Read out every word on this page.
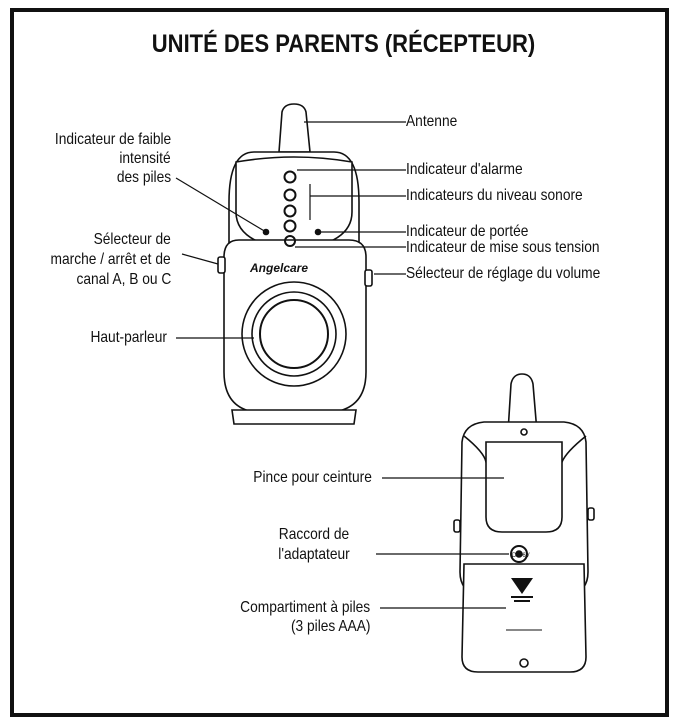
UNITÉ DES PARENTS (RÉCEPTEUR)
Angelcare
DC 6V
Antenne
Indicateur d'alarme
Indicateurs du niveau sonore
Indicateur de portée
Indicateur de mise sous tension
Sélecteur de réglage du volume
Indicateur de faible
intensité
des piles
Sélecteur de
marche / arrêt et de
canal A, B ou C
Haut-parleur
Pince pour ceinture
Raccord de
l'adaptateur
Compartiment à piles
(3 piles AAA)
